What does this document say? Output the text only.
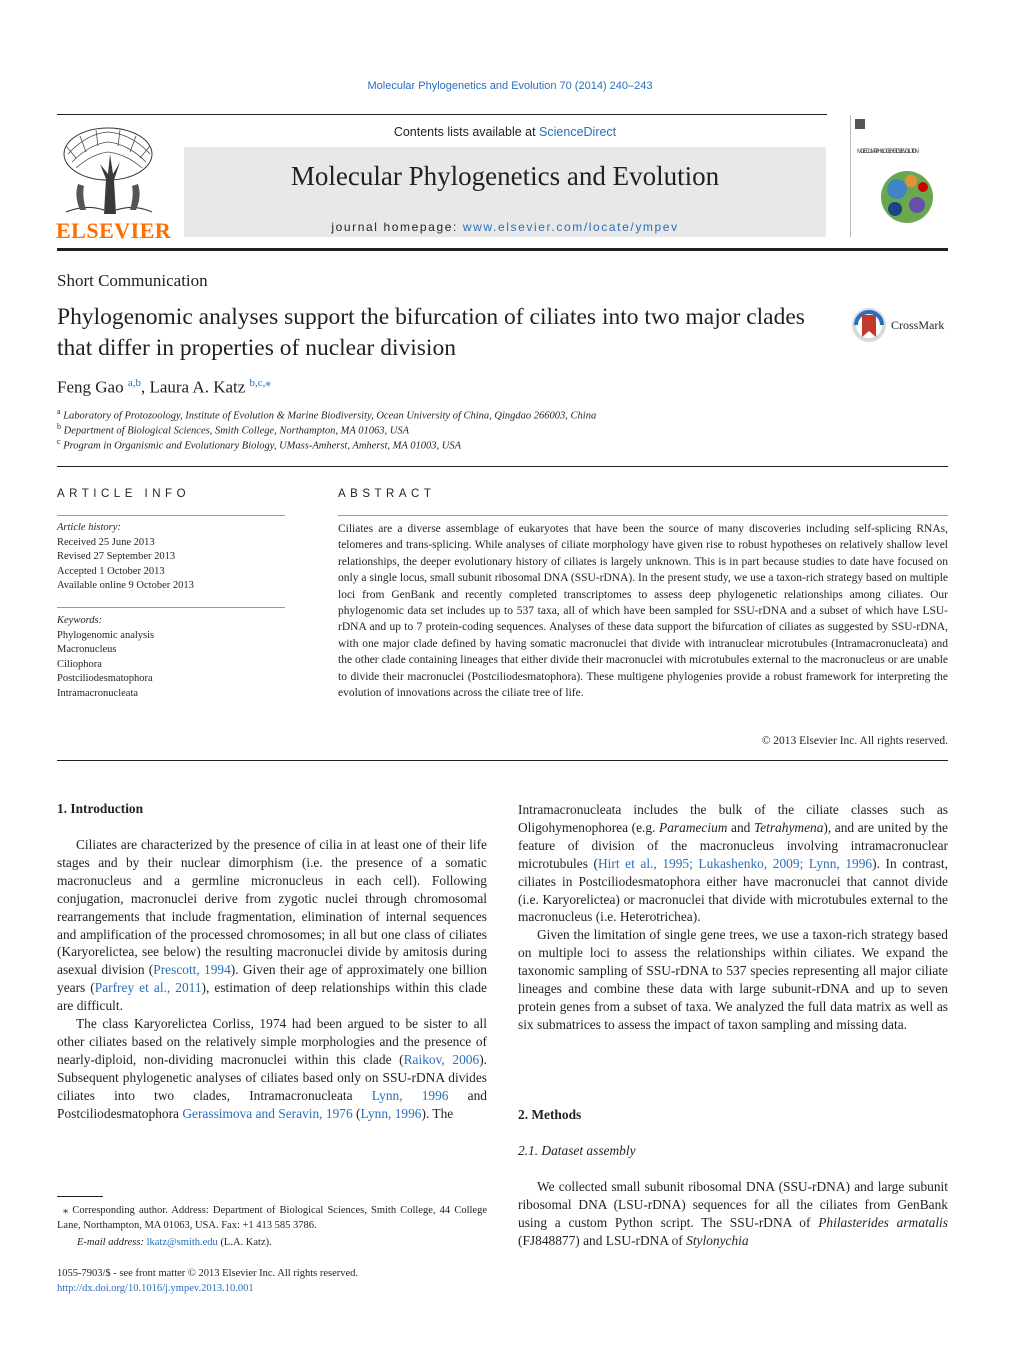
Molecular Phylogenetics and Evolution 70 (2014) 240–243
ELSEVIER
Contents lists available at ScienceDirect
Molecular Phylogenetics and Evolution
journal homepage: www.elsevier.com/locate/ympev
MOLECULAR PHYLOGENETICS & EVOLUTION
Short Communication
Phylogenomic analyses support the bifurcation of ciliates into two major clades that differ in properties of nuclear division
CrossMark
Feng Gao $^{a,b}$, Laura A. Katz $^{b,c,⁎}$
$^a$ Laboratory of Protozoology, Institute of Evolution & Marine Biodiversity, Ocean University of China, Qingdao 266003, China
$^b$ Department of Biological Sciences, Smith College, Northampton, MA 01063, USA
$^c$ Program in Organismic and Evolutionary Biology, UMass-Amherst, Amherst, MA 01003, USA
ARTICLE INFO
Article history:
Received 25 June 2013
Revised 27 September 2013
Accepted 1 October 2013
Available online 9 October 2013
Keywords:
Phylogenomic analysis
Macronucleus
Ciliophora
Postciliodesmatophora
Intramacronucleata
ABSTRACT
Ciliates are a diverse assemblage of eukaryotes that have been the source of many discoveries including self-splicing RNAs, telomeres and trans-splicing. While analyses of ciliate morphology have given rise to robust hypotheses on relatively shallow level relationships, the deeper evolutionary history of ciliates is largely unknown. This is in part because studies to date have focused on only a single locus, small subunit ribosomal DNA (SSU-rDNA). In the present study, we use a taxon-rich strategy based on multiple loci from GenBank and recently completed transcriptomes to assess deep phylogenetic relationships among ciliates. Our phylogenomic data set includes up to 537 taxa, all of which have been sampled for SSU-rDNA and a subset of which have LSU-rDNA and up to 7 protein-coding sequences. Analyses of these data support the bifurcation of ciliates as suggested by SSU-rDNA, with one major clade defined by having somatic macronuclei that divide with intranuclear microtubules (Intramacronucleata) and the other clade containing lineages that either divide their macronuclei with microtubules external to the macronucleus or are unable to divide their macronuclei (Postciliodesmatophora). These multigene phylogenies provide a robust framework for interpreting the evolution of innovations across the ciliate tree of life.
© 2013 Elsevier Inc. All rights reserved.
1. Introduction

Ciliates are characterized by the presence of cilia in at least one of their life stages and by their nuclear dimorphism (i.e. the presence of a somatic macronucleus and a germline micronucleus in each cell). Following conjugation, macronuclei derive from zygotic nuclei through chromosomal rearrangements that include fragmentation, elimination of internal sequences and amplification of the processed chromosomes; in all but one class of ciliates (Karyorelictea, see below) the resulting macronuclei divide by amitosis during asexual division (Prescott, 1994). Given their age of approximately one billion years (Parfrey et al., 2011), estimation of deep relationships within this clade are difficult.

The class Karyorelictea Corliss, 1974 had been argued to be sister to all other ciliates based on the relatively simple morphologies and the presence of nearly-diploid, non-dividing macronuclei within this clade (Raikov, 2006). Subsequent phylogenetic analyses of ciliates based only on SSU-rDNA divides ciliates into two clades, Intramacronucleata Lynn, 1996 and Postciliodesmatophora Gerassimova and Seravin, 1976 (Lynn, 1996). The

⁎ Corresponding author. Address: Department of Biological Sciences, Smith College, 44 College Lane, Northampton, MA 01063, USA. Fax: +1 413 585 3786.
E-mail address: lkatz@smith.edu (L.A. Katz).

Intramacronucleata includes the bulk of the ciliate classes such as Oligohymenophorea (e.g. Paramecium and Tetrahymena), and are united by the feature of division of the macronucleus involving intramacronuclear microtubules (Hirt et al., 1995; Lukashenko, 2009; Lynn, 1996). In contrast, ciliates in Postciliodesmatophora either have macronuclei that cannot divide (i.e. Karyorelictea) or macronuclei that divide with microtubules external to the macronucleus (i.e. Heterotrichea).

Given the limitation of single gene trees, we use a taxon-rich strategy based on multiple loci to assess the relationships within ciliates. We expand the taxonomic sampling of SSU-rDNA to 537 species representing all major ciliate lineages and combine these data with large subunit-rDNA and up to seven protein genes from a subset of taxa. We analyzed the full data matrix as well as six submatrices to assess the impact of taxon sampling and missing data.

2. Methods
2.1. Dataset assembly

We collected small subunit ribosomal DNA (SSU-rDNA) and large subunit ribosomal DNA (LSU-rDNA) sequences for all the ciliates from GenBank using a custom Python script. The SSU-rDNA of Philasterides armatalis (FJ848877) and LSU-rDNA of Stylonychia

1055-7903/$ - see front matter © 2013 Elsevier Inc. All rights reserved.
http://dx.doi.org/10.1016/j.ympev.2013.10.001
